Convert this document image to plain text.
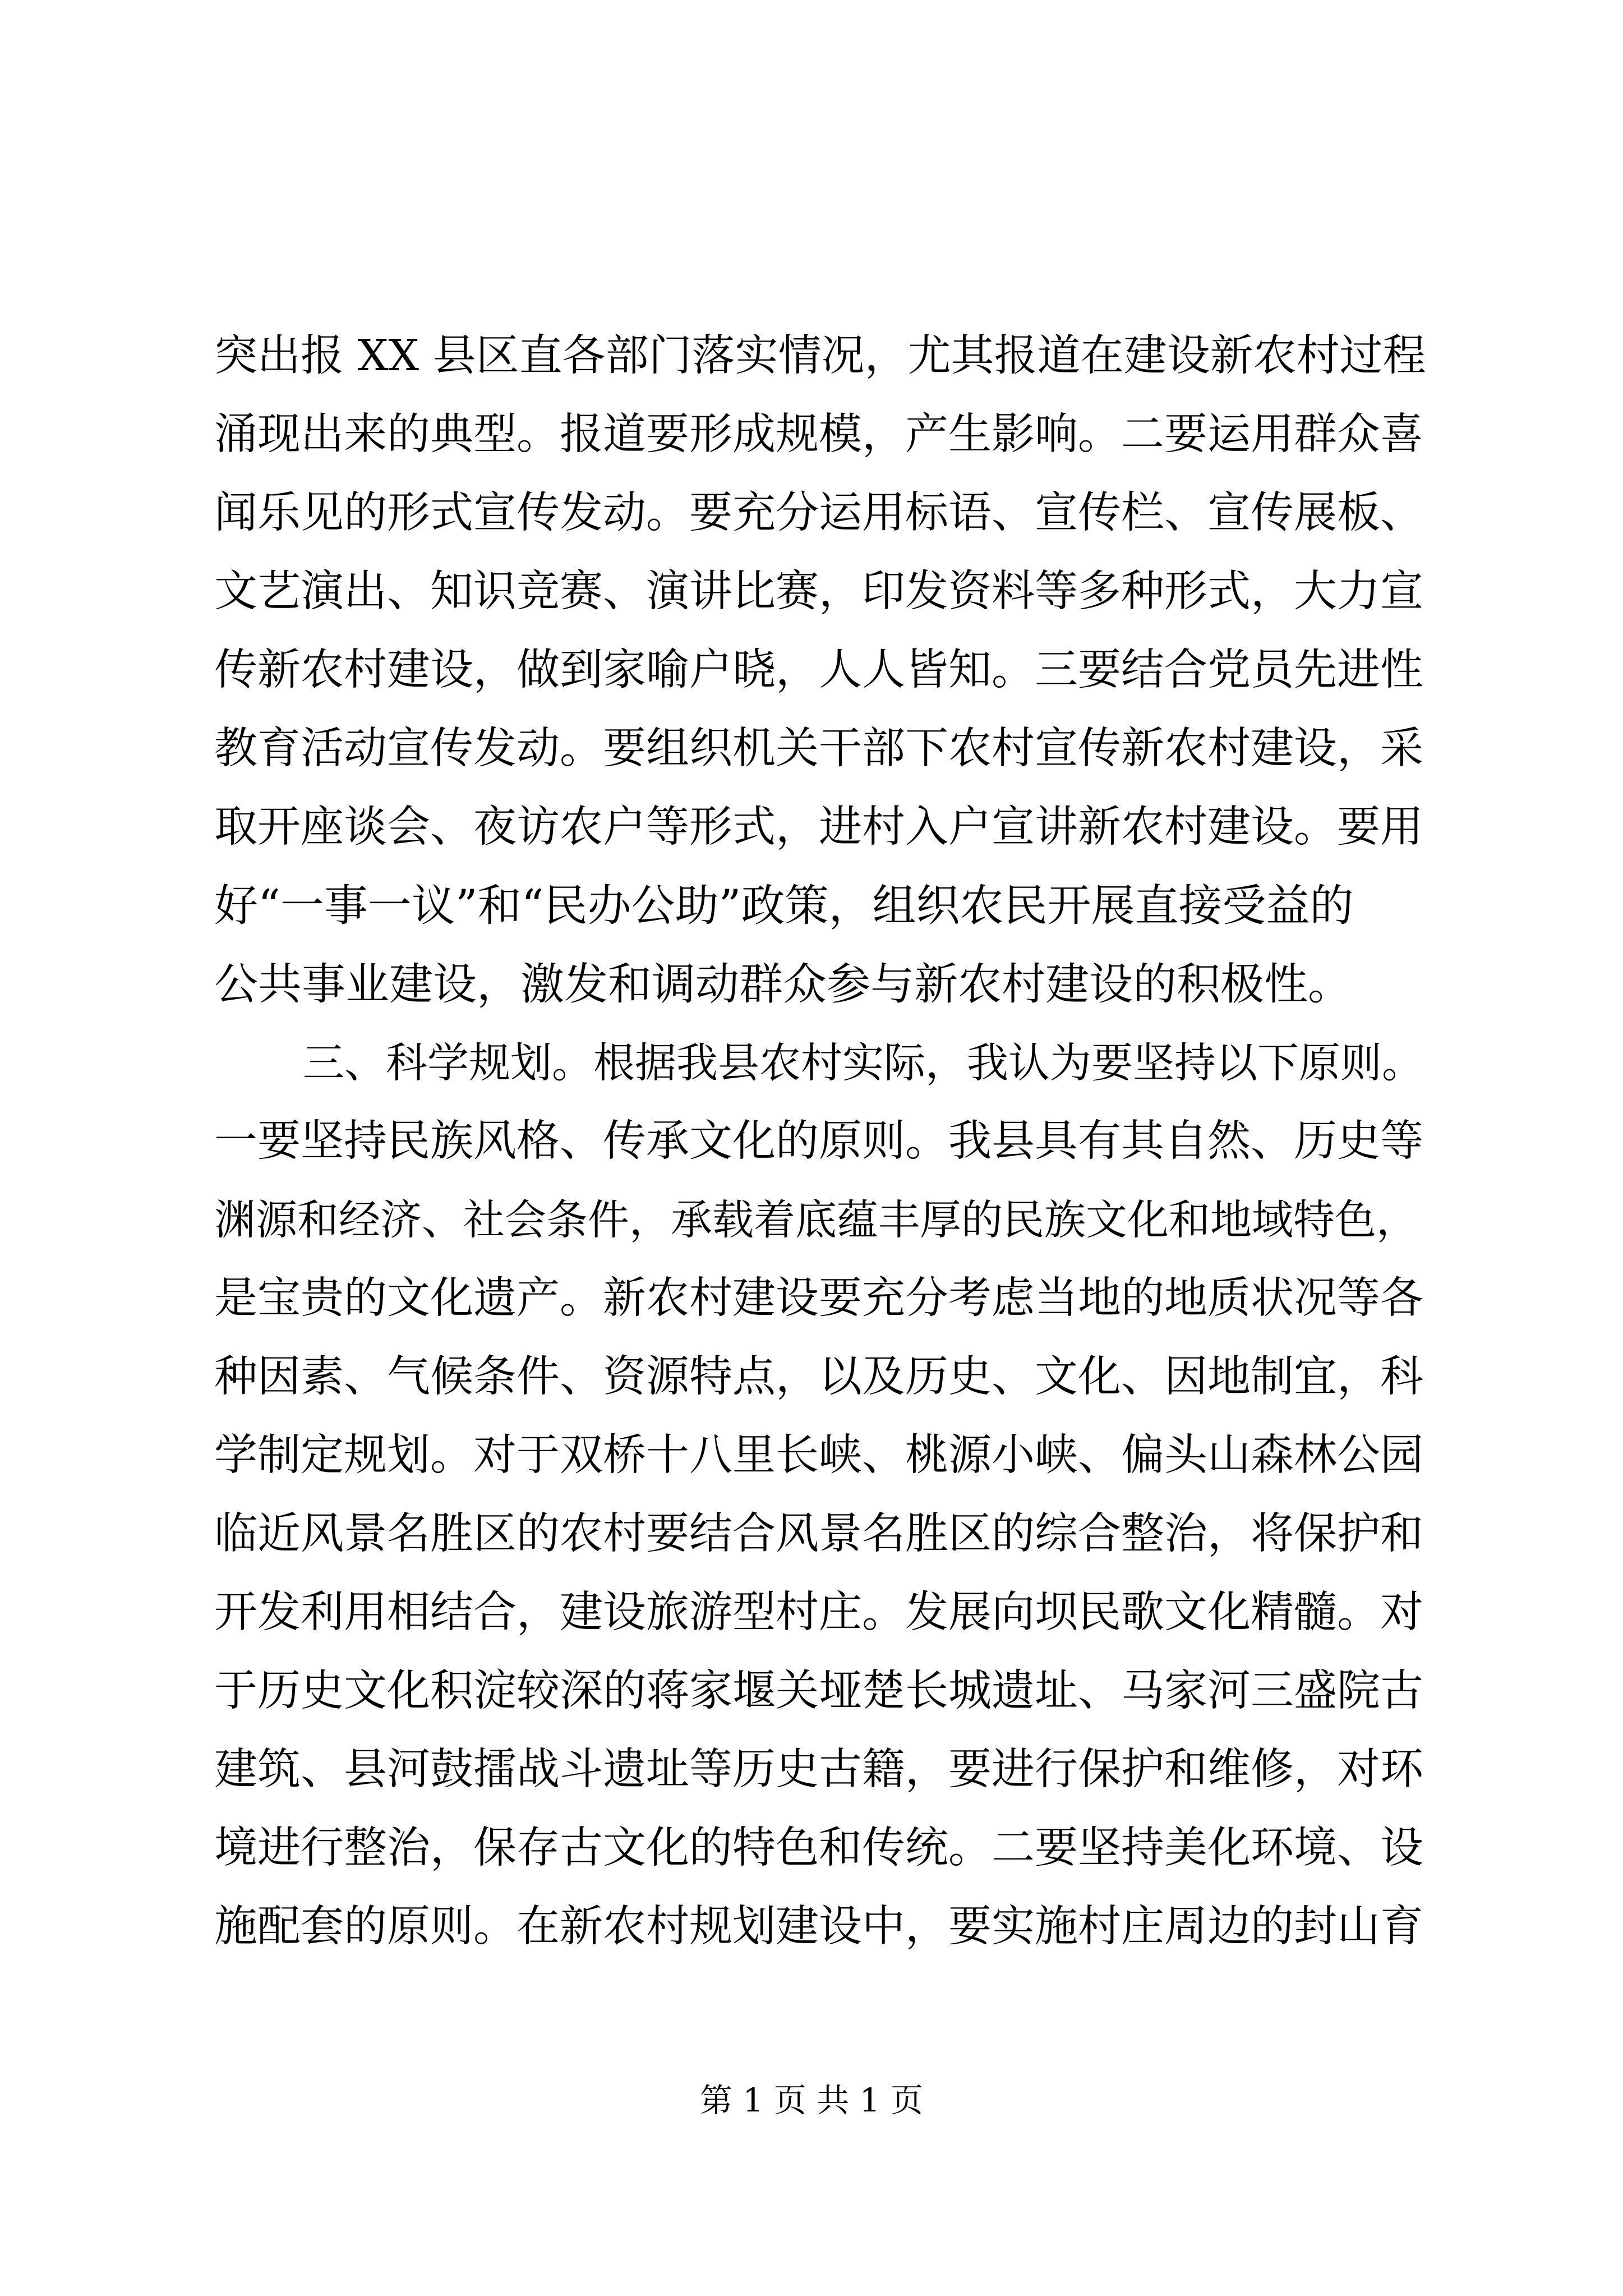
突出报 XX 县区直各部门落实情况，尤其报道在建设新农村过程
涌现出来的典型。报道要形成规模，产生影响。二要运用群众喜
闻乐见的形式宣传发动。要充分运用标语、宣传栏、宣传展板、
文艺演出、知识竞赛、演讲比赛，印发资料等多种形式，大力宣
传新农村建设，做到家喻户晓，人人皆知。三要结合党员先进性
教育活动宣传发动。要组织机关干部下农村宣传新农村建设，采
取开座谈会、夜访农户等形式，进村入户宣讲新农村建设。要用
好“一事一议”和“民办公助”政策，组织农民开展直接受益的
公共事业建设，激发和调动群众参与新农村建设的积极性。
三、科学规划。根据我县农村实际，我认为要坚持以下原则。
一要坚持民族风格、传承文化的原则。我县具有其自然、历史等
渊源和经济、社会条件，承载着底蕴丰厚的民族文化和地域特色，
是宝贵的文化遗产。新农村建设要充分考虑当地的地质状况等各
种因素、气候条件、资源特点，以及历史、文化、因地制宜，科
学制定规划。对于双桥十八里长峡、桃源小峡、偏头山森林公园
临近风景名胜区的农村要结合风景名胜区的综合整治，将保护和
开发利用相结合，建设旅游型村庄。发展向坝民歌文化精髓。对
于历史文化积淀较深的蒋家堰关垭楚长城遗址、马家河三盛院古
建筑、县河鼓擂战斗遗址等历史古籍，要进行保护和维修，对环
境进行整治，保存古文化的特色和传统。二要坚持美化环境、设
施配套的原则。在新农村规划建设中，要实施村庄周边的封山育
第 1 页 共 1 页
